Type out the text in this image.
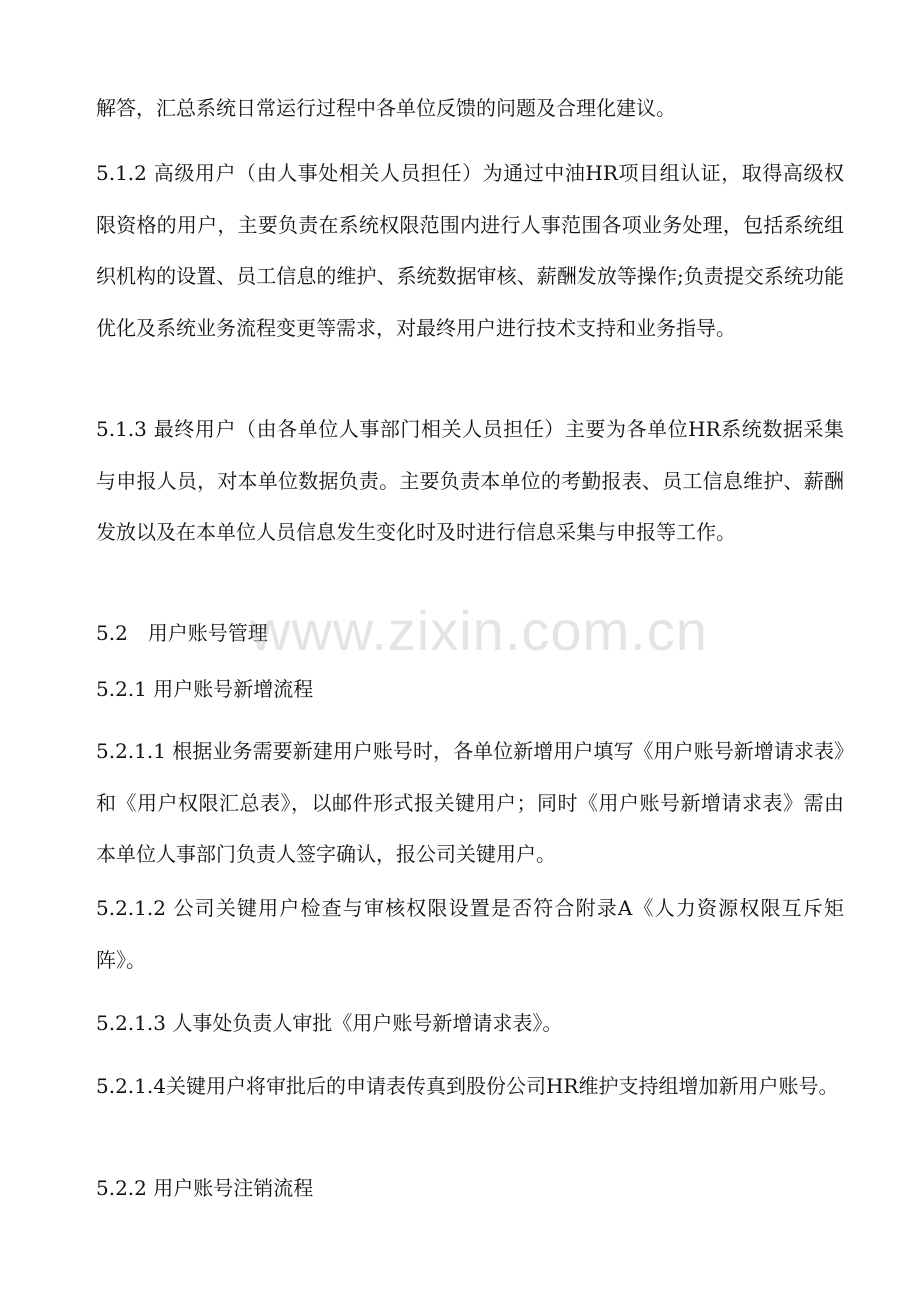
解答，汇总系统日常运行过程中各单位反馈的问题及合理化建议。

5.1.2 高级用户（由人事处相关人员担任）为通过中油HR项目组认证，取得高级权限资格的用户，主要负责在系统权限范围内进行人事范围各项业务处理，包括系统组织机构的设置、员工信息的维护、系统数据审核、薪酬发放等操作;负责提交系统功能优化及系统业务流程变更等需求，对最终用户进行技术支持和业务指导。

5.1.3 最终用户（由各单位人事部门相关人员担任）主要为各单位HR系统数据采集与申报人员，对本单位数据负责。主要负责本单位的考勤报表、员工信息维护、薪酬发放以及在本单位人员信息发生变化时及时进行信息采集与申报等工作。

5.2　用户账号管理

5.2.1 用户账号新增流程

5.2.1.1 根据业务需要新建用户账号时，各单位新增用户填写《用户账号新增请求表》和《用户权限汇总表》，以邮件形式报关键用户；同时《用户账号新增请求表》需由本单位人事部门负责人签字确认，报公司关键用户。

5.2.1.2 公司关键用户检查与审核权限设置是否符合附录A《人力资源权限互斥矩阵》。

5.2.1.3 人事处负责人审批《用户账号新增请求表》。

5.2.1.4关键用户将审批后的申请表传真到股份公司HR维护支持组增加新用户账号。

5.2.2 用户账号注销流程

www.zixin.com.cn
